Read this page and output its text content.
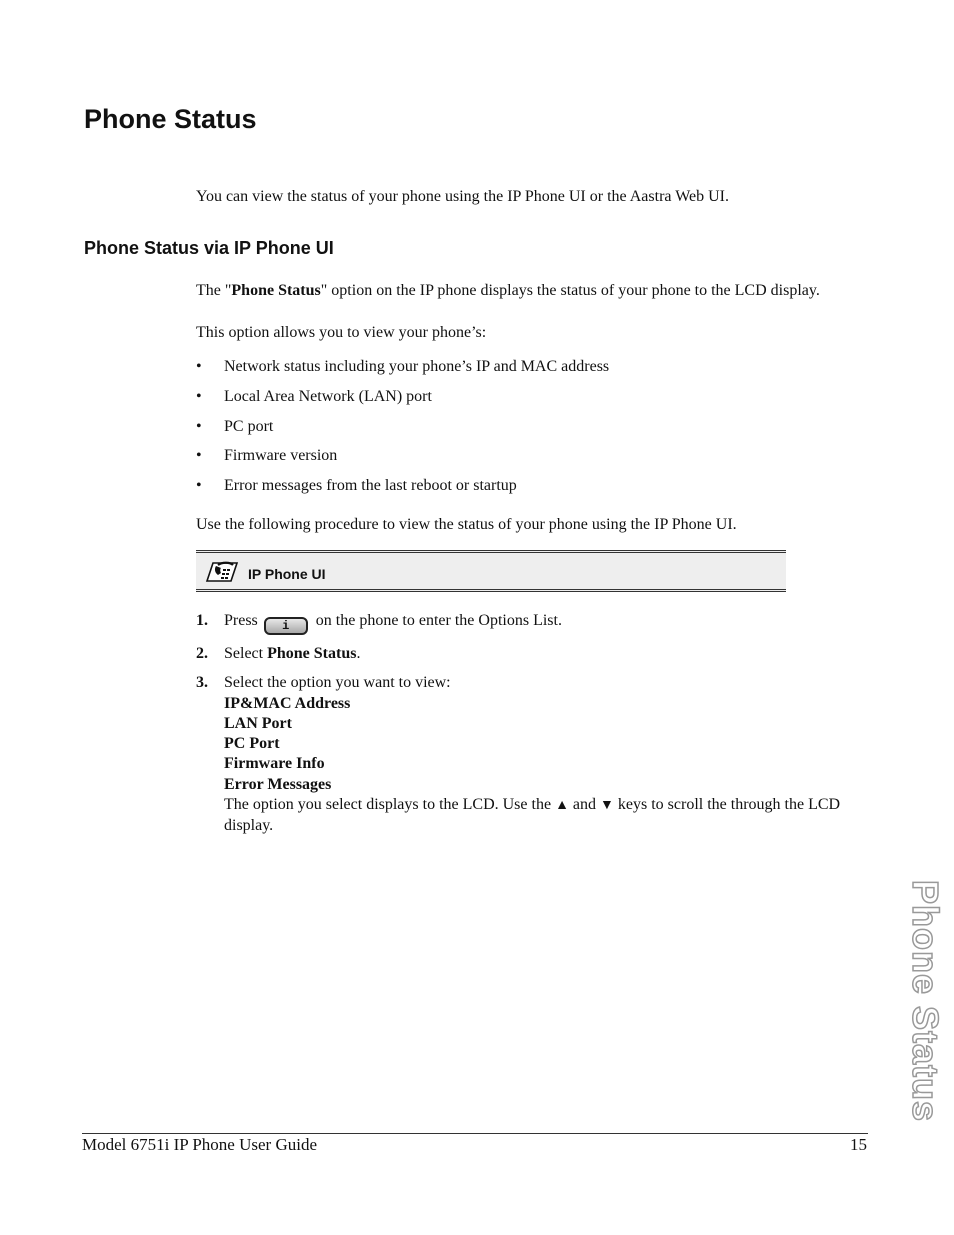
Phone Status

You can view the status of your phone using the IP Phone UI or the Aastra Web UI.

Phone Status via IP Phone UI

The "Phone Status" option on the IP phone displays the status of your phone to the LCD display.

This option allows you to view your phone’s:

•	Network status including your phone’s IP and MAC address
•	Local Area Network (LAN) port
•	PC port
•	Firmware version
•	Error messages from the last reboot or startup

Use the following procedure to view the status of your phone using the IP Phone UI.

IP Phone UI
1.	Press i on the phone to enter the Options List.
2.	Select Phone Status.
3.	Select the option you want to view:
IP&MAC Address
LAN Port
PC Port
Firmware Info
Error Messages
The option you select displays to the LCD. Use the ▲ and ▼ keys to scroll the through the LCD display.
Phone Status
Model 6751i IP Phone User Guide	15
